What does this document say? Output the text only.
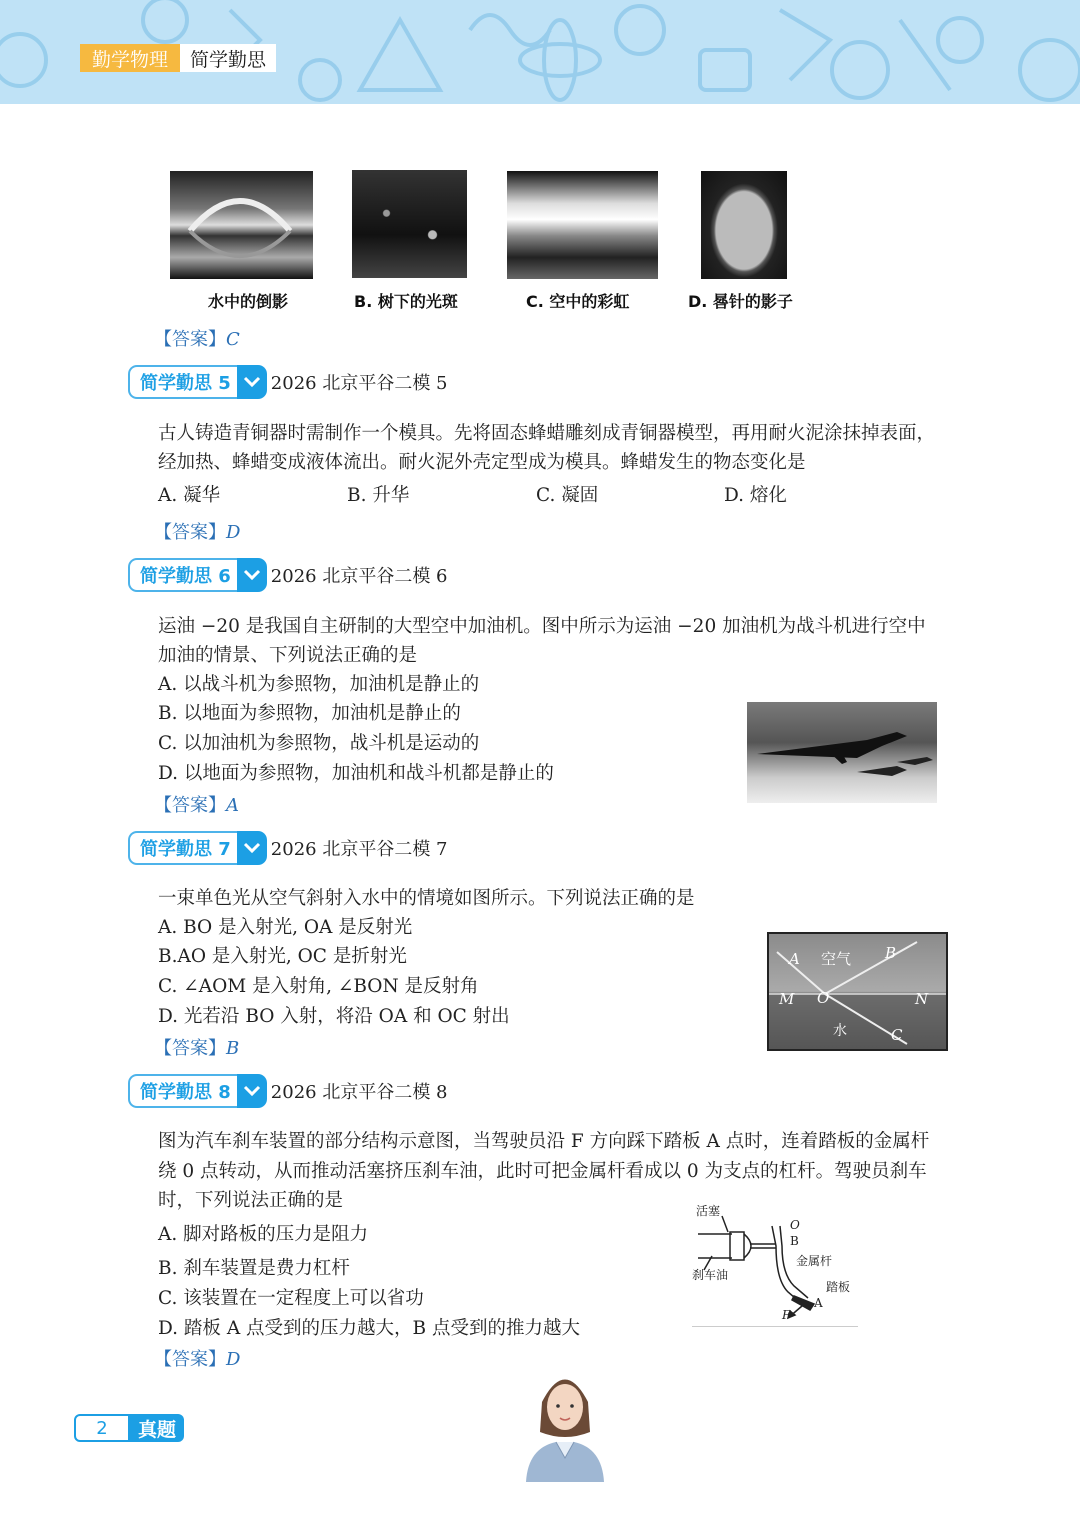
勤学物理	简学勤思
水中的倒影	B. 树下的光斑	C. 空中的彩虹	D. 晷针的影子
【答案】C
简学勤思 5	2026 北京平谷二模 5
古人铸造青铜器时需制作一个模具。先将固态蜂蜡雕刻成青铜器模型，再用耐火泥涂抹掉表面，
经加热、蜂蜡变成液体流出。耐火泥外壳定型成为模具。蜂蜡发生的物态变化是
A. 凝华	B. 升华	C. 凝固	D. 熔化
【答案】D
简学勤思 6	2026 北京平谷二模 6
运油 −20 是我国自主研制的大型空中加油机。图中所示为运油 −20 加油机为战斗机进行空中
加油的情景、下列说法正确的是
A. 以战斗机为参照物，加油机是静止的
B. 以地面为参照物，加油机是静止的
C. 以加油机为参照物，战斗机是运动的
D. 以地面为参照物，加油机和战斗机都是静止的
【答案】A
简学勤思 7	2026 北京平谷二模 7
一束单色光从空气斜射入水中的情境如图所示。下列说法正确的是
A. BO 是入射光, OA 是反射光
B.AO 是入射光, OC 是折射光
C. ∠AOM 是入射角, ∠BON 是反射角
D. 光若沿 BO 入射，将沿 OA 和 OC 射出
A 空气 B
M O	N
水	C
【答案】B
简学勤思 8	2026 北京平谷二模 8
图为汽车刹车装置的部分结构示意图，当驾驶员沿 F 方向踩下踏板 A 点时，连着踏板的金属杆
绕 0 点转动，从而推动活塞挤压刹车油，此时可把金属杆看成以 0 为支点的杠杆。驾驶员刹车
时，下列说法正确的是
A. 脚对路板的压力是阻力
B. 刹车装置是费力杠杆
C. 该装置在一定程度上可以省功
D. 踏板 A 点受到的压力越大，B 点受到的推力越大
活塞
刹车油
O
B
金属杆
踏板
A
F
【答案】D
2	真题
